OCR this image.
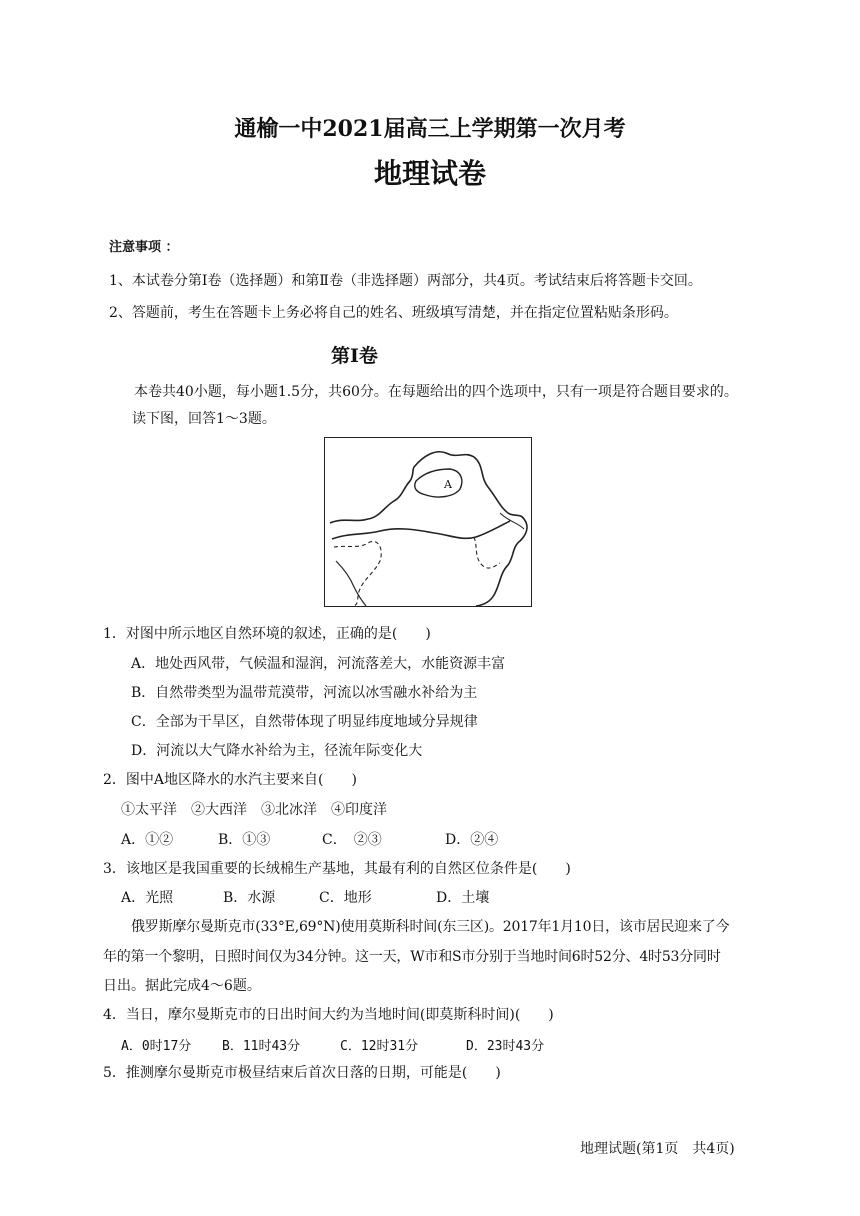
通榆一中2021届高三上学期第一次月考
地理试卷
注意事项 ：
1、本试卷分第Ⅰ卷（选择题）和第Ⅱ卷（非选择题）两部分，共4页。考试结束后将答题卡交回。
2、答题前，考生在答题卡上务必将自己的姓名、班级填写清楚，并在指定位置粘贴条形码。
第Ⅰ卷
本卷共40小题，每小题1.5分，共60分。在每题给出的四个选项中，只有一项是符合题目要求的。
读下图，回答1～3题。
A
1．对图中所示地区自然环境的叙述，正确的是(　　)
A．地处西风带，气候温和湿润，河流落差大，水能资源丰富
B．自然带类型为温带荒漠带，河流以冰雪融水补给为主
C．全部为干旱区，自然带体现了明显纬度地域分异规律
D．河流以大气降水补给为主，径流年际变化大
2．图中A地区降水的水汽主要来自(　　)
①太平洋　②大西洋　③北冰洋　④印度洋
A．①②	B．①③	C．　②③	D．②④
3．该地区是我国重要的长绒棉生产基地，其最有利的自然区位条件是(　　)
A．光照	B．水源	C．地形	D．土壤
俄罗斯摩尔曼斯克市(33°E,69°N)使用莫斯科时间(东三区)。2017年1月10日，该市居民迎来了今
年的第一个黎明，日照时间仅为34分钟。这一天，W市和S市分别于当地时间6时52分、4时53分同时
日出。据此完成4～6题。
4．当日，摩尔曼斯克市的日出时间大约为当地时间(即莫斯科时间)(　　)
A．0时17分 B．11时43分	C．12时31分	D．23时43分
5．推测摩尔曼斯克市极昼结束后首次日落的日期，可能是(　　)
地理试题(第1页　共4页)
